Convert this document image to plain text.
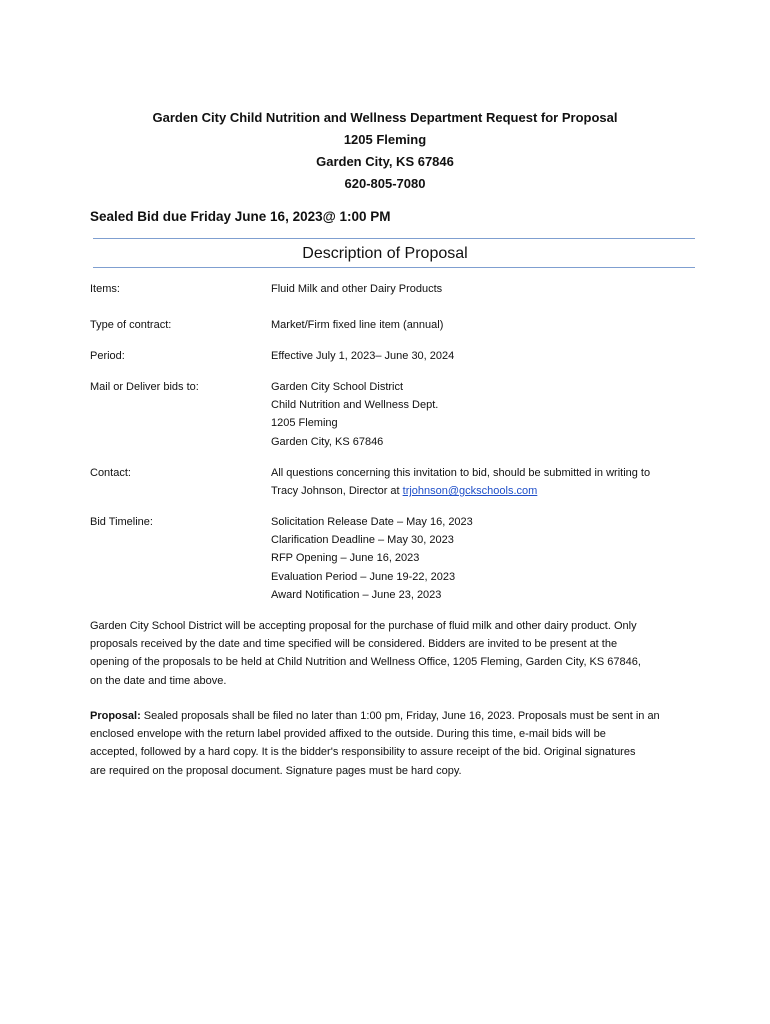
Garden City Child Nutrition and Wellness Department Request for Proposal
1205 Fleming
Garden City, KS 67846
620-805-7080
Sealed Bid due Friday June 16, 2023@ 1:00 PM
Description of Proposal
Items:	Fluid Milk and other Dairy Products
Type of contract:	Market/Firm fixed line item (annual)
Period:	Effective July 1, 2023– June 30, 2024
Mail or Deliver bids to:	Garden City School District
Child Nutrition and Wellness Dept.
1205 Fleming
Garden City, KS 67846
Contact:	All questions concerning this invitation to bid, should be submitted in writing to
Tracy Johnson, Director at trjohnson@gckschools.com
Bid Timeline:	Solicitation Release Date – May 16, 2023
Clarification Deadline – May 30, 2023
RFP Opening – June 16, 2023
Evaluation Period – June 19-22, 2023
Award Notification – June 23, 2023
Garden City School District will be accepting proposal for the purchase of fluid milk and other dairy product. Only
proposals received by the date and time specified will be considered. Bidders are invited to be present at the
opening of the proposals to be held at Child Nutrition and Wellness Office, 1205 Fleming, Garden City, KS 67846,
on the date and time above.
Proposal: Sealed proposals shall be filed no later than 1:00 pm, Friday, June 16, 2023. Proposals must be sent in an
enclosed envelope with the return label provided affixed to the outside. During this time, e-mail bids will be
accepted, followed by a hard copy. It is the bidder's responsibility to assure receipt of the bid. Original signatures
are required on the proposal document. Signature pages must be hard copy.
